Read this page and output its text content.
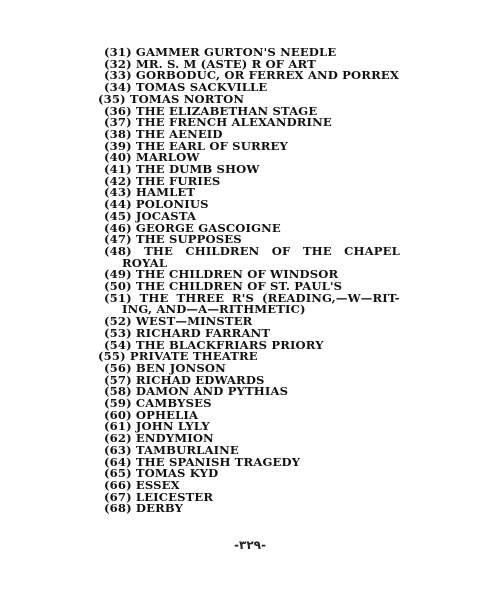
(31) GAMMER GURTON'S NEEDLE
(32) MR. S. M (ASTE) R OF ART
(33) GORBODUC, OR FERREX AND PORREX
(34) TOMAS SACKVILLE
(35) TOMAS NORTON
(36) THE ELIZABETHAN STAGE
(37) THE FRENCH ALEXANDRINE
(38) THE AENEID
(39) THE EARL OF SURREY
(40) MARLOW
(41) THE DUMB SHOW
(42) THE FURIES
(43) HAMLET
(44) POLONIUS
(45) JOCASTA
(46) GEORGE GASCOIGNE
(47) THE SUPPOSES
(48) THE CHILDREN OF THE CHAPEL
ROYAL
(49) THE CHILDREN OF WINDSOR
(50) THE CHILDREN OF ST. PAUL'S
(51) THE THREE R'S (READING,—W—RIT-
ING, AND—A—RITHMETIC)
(52) WEST—MINSTER
(53) RICHARD FARRANT
(54) THE BLACKFRIARS PRIORY
(55) PRIVATE THEATRE
(56) BEN JONSON
(57) RICHAD EDWARDS
(58) DAMON AND PYTHIAS
(59) CAMBYSES
(60) OPHELIA
(61) JOHN LYLY
(62) ENDYMION
(63) TAMBURLAINE
(64) THE SPANISH TRAGEDY
(65) TOMAS KYD
(66) ESSEX
(67) LEICESTER
(68) DERBY
-٣٢٩-
